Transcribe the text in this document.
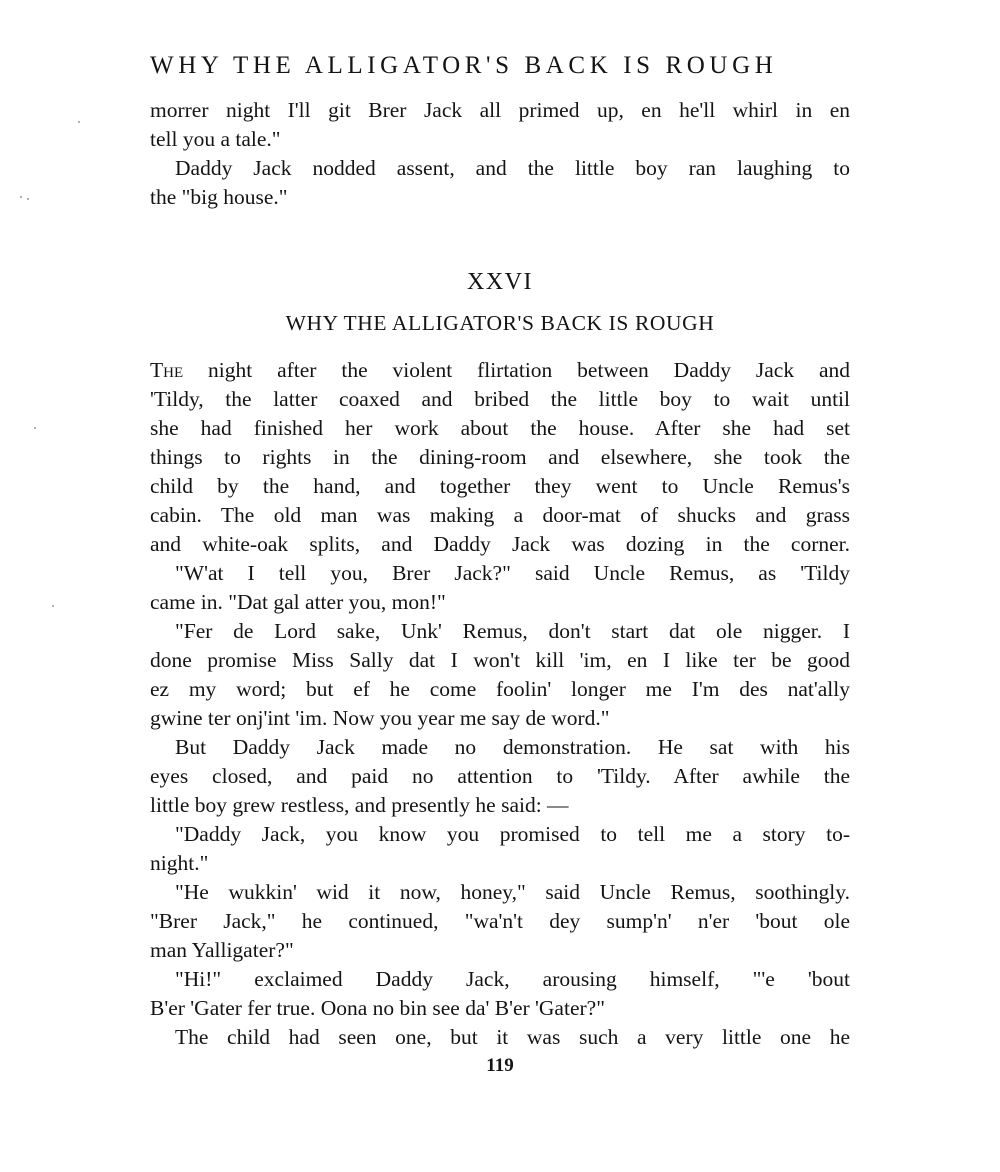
WHY THE ALLIGATOR'S BACK IS ROUGH
morrer night I'll git Brer Jack all primed up, en he'll whirl in en
tell you a tale."
Daddy Jack nodded assent, and the little boy ran laughing to
the "big house."
XXVI
WHY THE ALLIGATOR'S BACK IS ROUGH
The night after the violent flirtation between Daddy Jack and
'Tildy, the latter coaxed and bribed the little boy to wait until
she had finished her work about the house. After she had set
things to rights in the dining-room and elsewhere, she took the
child by the hand, and together they went to Uncle Remus's
cabin. The old man was making a door-mat of shucks and grass
and white-oak splits, and Daddy Jack was dozing in the corner.
"W'at I tell you, Brer Jack?" said Uncle Remus, as 'Tildy
came in. "Dat gal atter you, mon!"
"Fer de Lord sake, Unk' Remus, don't start dat ole nigger. I
done promise Miss Sally dat I won't kill 'im, en I like ter be good
ez my word; but ef he come foolin' longer me I'm des nat'ally
gwine ter onj'int 'im. Now you year me say de word."
But Daddy Jack made no demonstration. He sat with his
eyes closed, and paid no attention to 'Tildy. After awhile the
little boy grew restless, and presently he said: —
"Daddy Jack, you know you promised to tell me a story to-
night."
"He wukkin' wid it now, honey," said Uncle Remus, soothingly.
"Brer Jack," he continued, "wa'n't dey sump'n' n'er 'bout ole
man Yalligater?"
"Hi!" exclaimed Daddy Jack, arousing himself, "'e 'bout
B'er 'Gater fer true. Oona no bin see da' B'er 'Gater?"
The child had seen one, but it was such a very little one he
119
